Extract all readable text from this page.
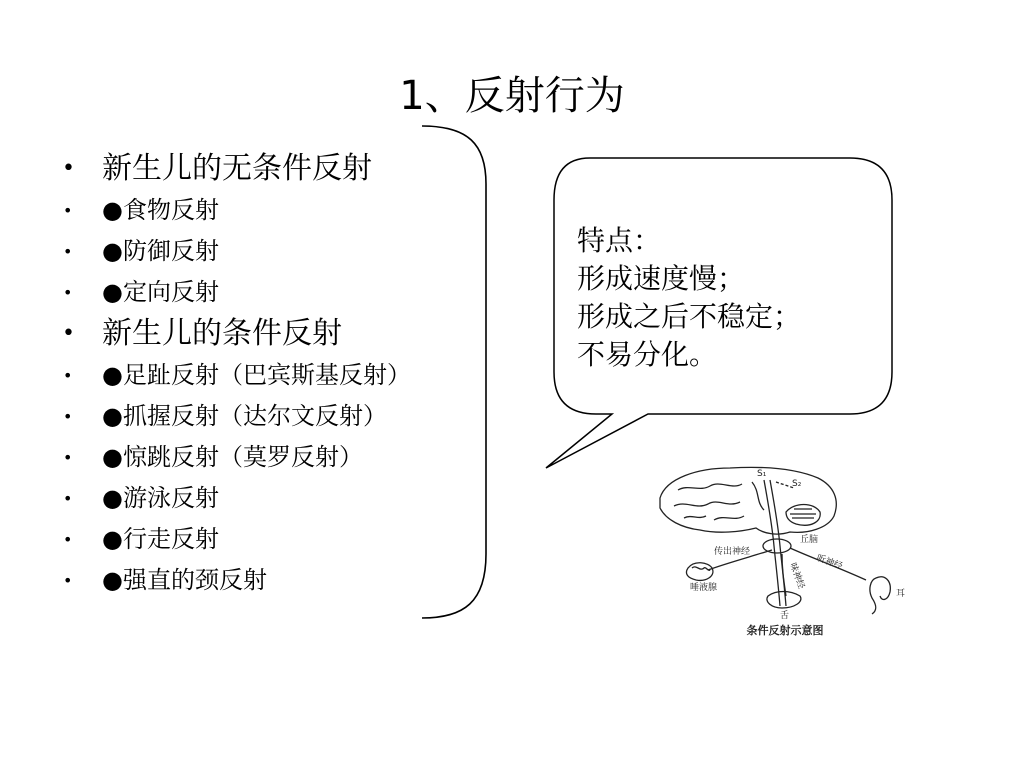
1、反射行为
• 新生儿的无条件反射
• ●食物反射
• ●防御反射
• ●定向反射
• 新生儿的条件反射
• ●足趾反射（巴宾斯基反射）
• ●抓握反射（达尔文反射）
• ●惊跳反射（莫罗反射）
• ●游泳反射
• ●行走反射
• ●强直的颈反射
特点：
形成速度慢；
形成之后不稳定；
不易分化。
S₁
S₂
丘脑
传出神经
听神经
味神经
唾液腺
舌
耳
条件反射示意图
